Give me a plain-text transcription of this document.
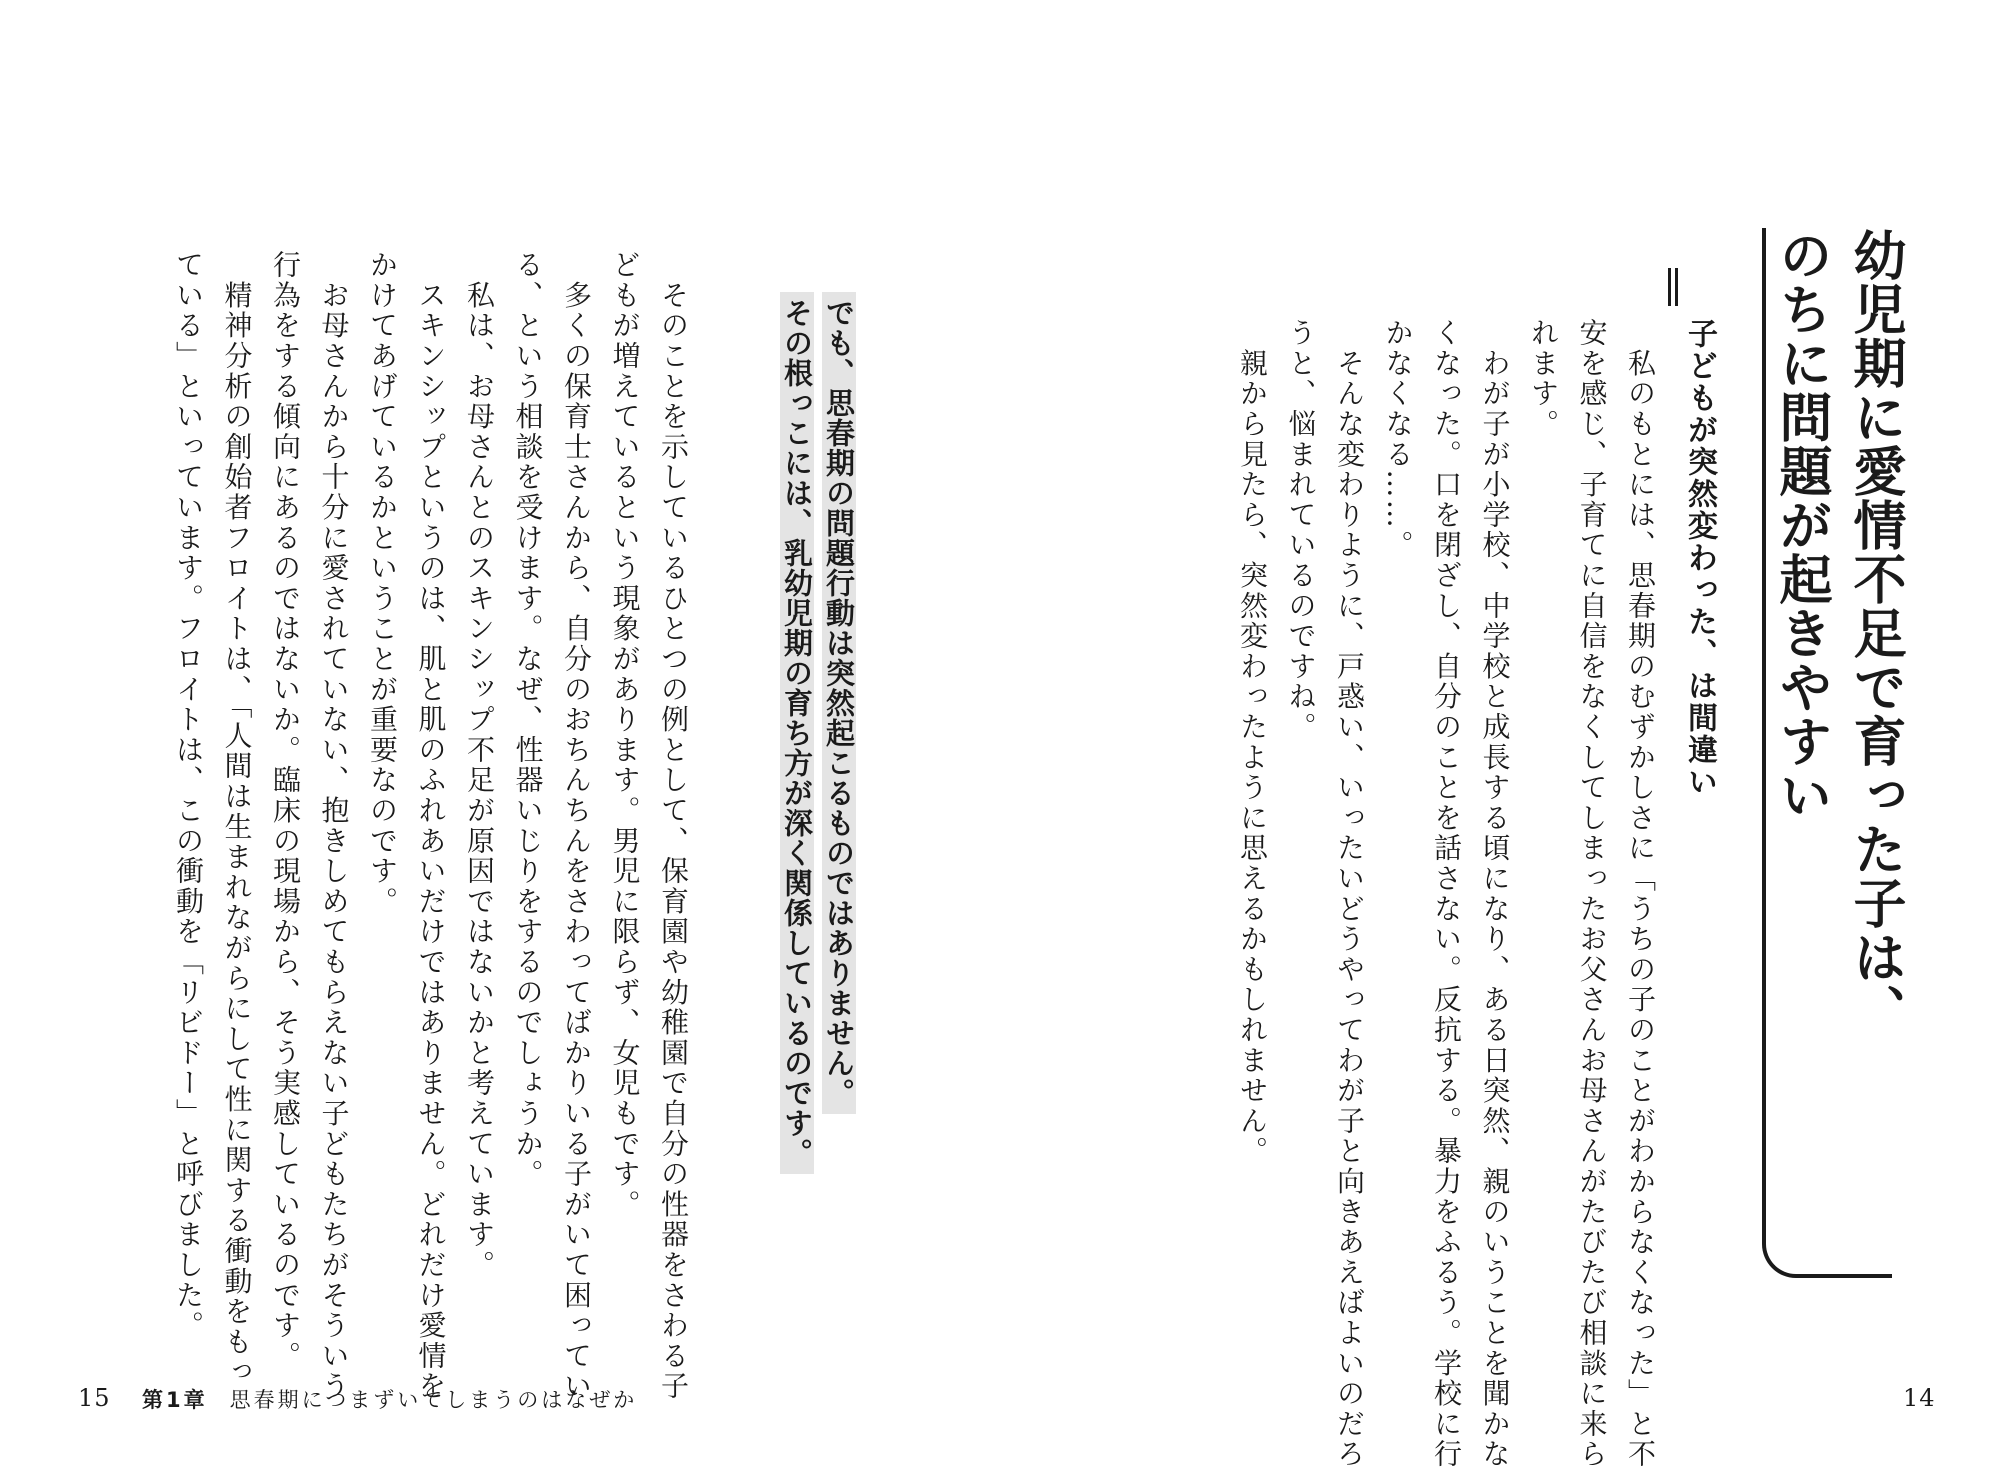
幼児期に愛情不足で育った子は、
のちに問題が起きやすい
子どもが突然変わった、は間違い
　私のもとには、思春期のむずかしさに「うちの子のことがわからなくなった」と不
安を感じ、子育てに自信をなくしてしまったお父さんお母さんがたびたび相談に来ら
れます。
　わが子が小学校、中学校と成長する頃になり、ある日突然、親のいうことを聞かな
くなった。口を閉ざし、自分のことを話さない。反抗する。暴力をふるう。学校に行
かなくなる……。
　そんな変わりように、戸惑い、いったいどうやってわが子と向きあえばよいのだろ
うと、悩まれているのですね。
　親から見たら、突然変わったように思えるかもしれません。
でも、思春期の問題行動は突然起こるものではありません。
その根っこには、乳幼児期の育ち方が深く関係しているのです。
　そのことを示しているひとつの例として、保育園や幼稚園で自分の性器をさわる子
どもが増えているという現象があります。男児に限らず、女児もです。
　多くの保育士さんから、自分のおちんちんをさわってばかりいる子がいて困ってい
る、という相談を受けます。なぜ、性器いじりをするのでしょうか。
　私は、お母さんとのスキンシップ不足が原因ではないかと考えています。
　スキンシップというのは、肌と肌のふれあいだけではありません。どれだけ愛情を
かけてあげているかということが重要なのです。
　お母さんから十分に愛されていない、抱きしめてもらえない子どもたちがそういう
行為をする傾向にあるのではないか。臨床の現場から、そう実感しているのです。
　精神分析の創始者フロイトは、「人間は生まれながらにして性に関する衝動をもっ
ている」といっています。フロイトは、この衝動を「リビドー」と呼びました。
15 第1章 思春期につまずいてしまうのはなぜか	14
